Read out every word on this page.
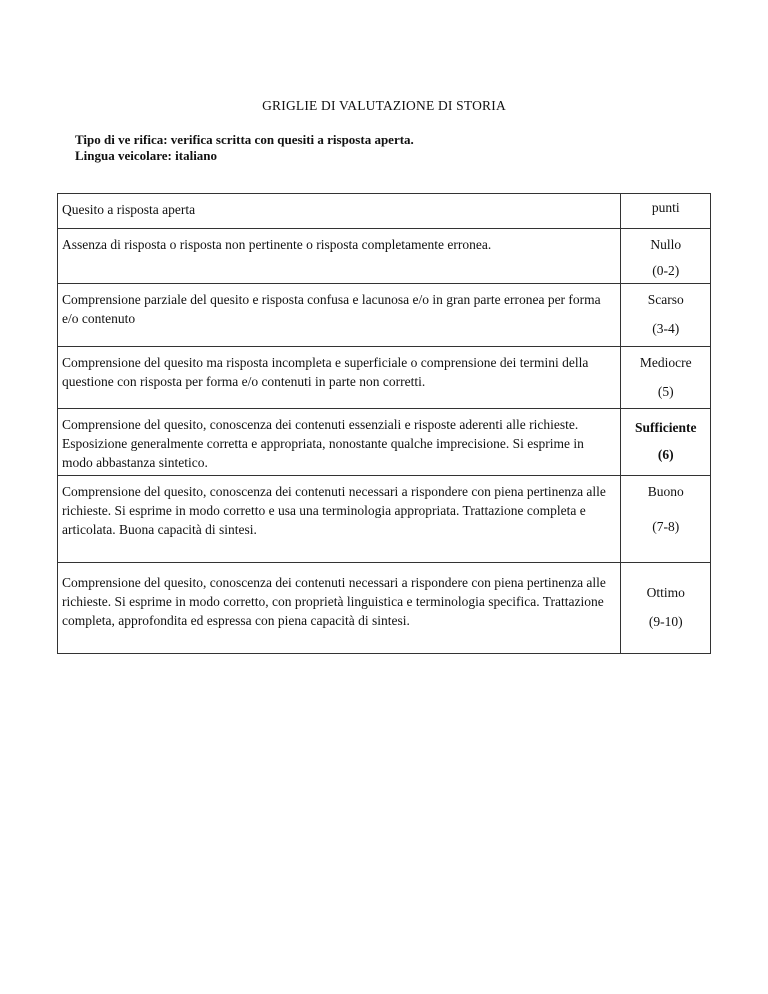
GRIGLIE DI VALUTAZIONE DI STORIA
Tipo di ve rifica: verifica scritta con quesiti a risposta aperta.
Lingua veicolare: italiano
Quesito a risposta aperta	punti
Assenza di risposta o risposta non pertinente o risposta completamente erronea.	Nullo
(0-2)

Comprensione parziale del quesito e risposta confusa e lacunosa e/o in gran parte erronea per forma e/o contenuto	Scarso
(3-4)

Comprensione del quesito ma risposta incompleta e superficiale o comprensione dei termini della questione con risposta per forma e/o contenuti in parte non corretti.	Mediocre
(5)

Comprensione del quesito, conoscenza dei contenuti essenziali e risposte aderenti alle richieste. Esposizione generalmente corretta e appropriata, nonostante qualche imprecisione. Si esprime in modo abbastanza sintetico.	Sufficiente
(6)

Comprensione del quesito, conoscenza dei contenuti necessari a rispondere con piena pertinenza alle richieste. Si esprime in modo corretto e usa una terminologia appropriata. Trattazione completa e articolata. Buona capacità di sintesi.	Buono
(7-8)

Comprensione del quesito, conoscenza dei contenuti necessari a rispondere con piena pertinenza alle richieste. Si esprime in modo corretto, con proprietà linguistica e terminologia specifica. Trattazione completa, approfondita ed espressa con piena capacità di sintesi.	Ottimo
(9-10)
